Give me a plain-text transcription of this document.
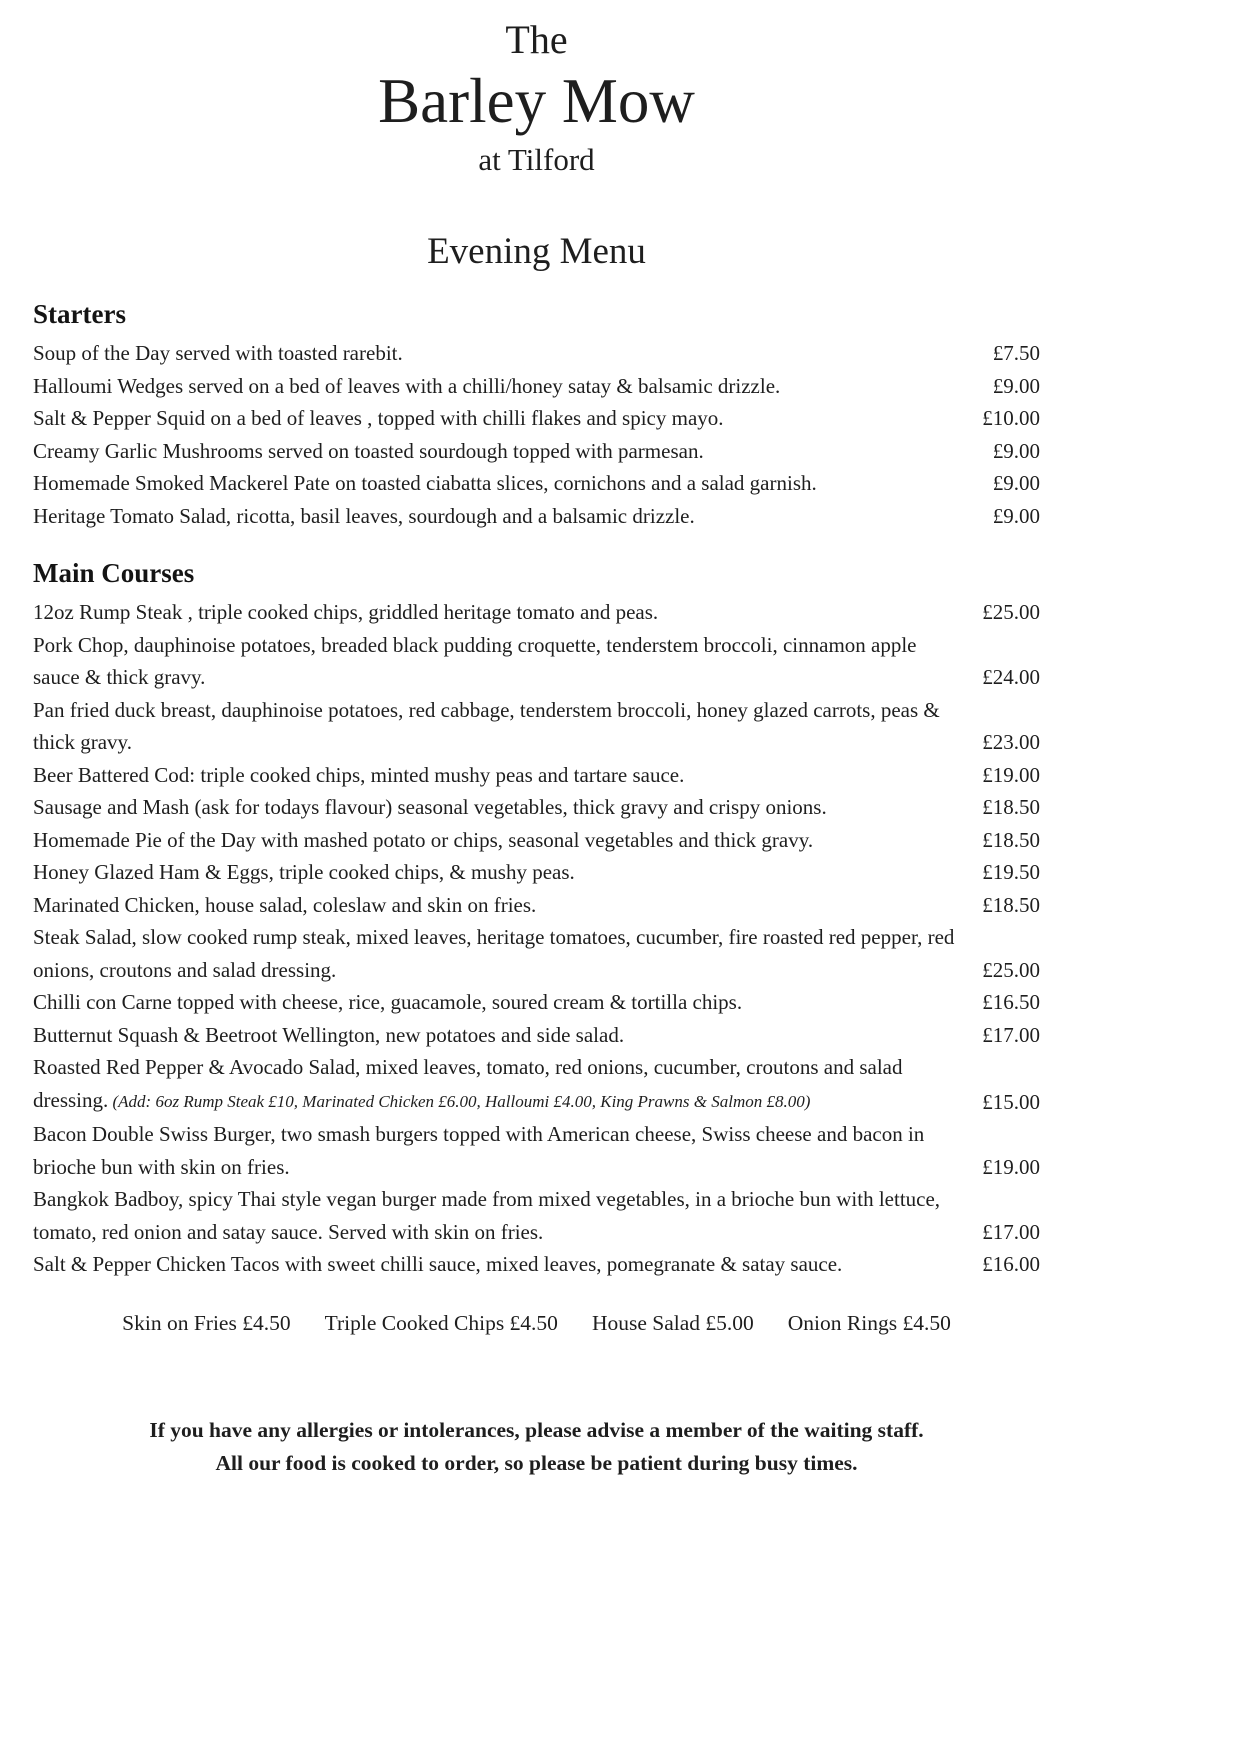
The
Barley Mow
at Tilford
Evening Menu
Starters
Soup of the Day served with toasted rarebit.	£7.50
Halloumi Wedges served on a bed of leaves with a chilli/honey satay & balsamic drizzle.	£9.00
Salt & Pepper Squid on a bed of leaves , topped with chilli flakes and spicy mayo.	£10.00
Creamy Garlic Mushrooms served on toasted sourdough topped with parmesan.	£9.00
Homemade Smoked Mackerel Pate on toasted ciabatta slices, cornichons and a salad garnish.	£9.00
Heritage Tomato Salad, ricotta, basil leaves, sourdough and a balsamic drizzle.	£9.00
Main Courses
12oz Rump Steak , triple cooked chips, griddled heritage tomato and peas.	£25.00
Pork Chop, dauphinoise potatoes, breaded black pudding croquette, tenderstem broccoli, cinnamon apple sauce & thick gravy.	£24.00
Pan fried duck breast, dauphinoise potatoes, red cabbage, tenderstem broccoli, honey glazed carrots, peas & thick gravy.	£23.00
Beer Battered Cod: triple cooked chips, minted mushy peas and tartare sauce.	£19.00
Sausage and Mash (ask for todays flavour) seasonal vegetables, thick gravy and crispy onions.	£18.50
Homemade Pie of the Day with mashed potato or chips, seasonal vegetables and thick gravy.	£18.50
Honey Glazed Ham & Eggs, triple cooked chips, & mushy peas.	£19.50
Marinated Chicken, house salad, coleslaw and skin on fries.	£18.50
Steak Salad, slow cooked rump steak, mixed leaves, heritage tomatoes, cucumber, fire roasted red pepper, red onions, croutons and salad dressing.	£25.00
Chilli con Carne topped with cheese, rice, guacamole, soured cream & tortilla chips.	£16.50
Butternut Squash & Beetroot Wellington, new potatoes and side salad.	£17.00
Roasted Red Pepper & Avocado Salad, mixed leaves, tomato, red onions, cucumber, croutons and salad dressing. (Add: 6oz Rump Steak £10, Marinated Chicken £6.00, Halloumi £4.00, King Prawns & Salmon £8.00)	£15.00
Bacon Double Swiss Burger, two smash burgers topped with American cheese, Swiss cheese and bacon in brioche bun with skin on fries.	£19.00
Bangkok Badboy, spicy Thai style vegan burger made from mixed vegetables, in a brioche bun with lettuce, tomato, red onion and satay sauce. Served with skin on fries.	£17.00
Salt & Pepper Chicken Tacos with sweet chilli sauce, mixed leaves, pomegranate & satay sauce.	£16.00
Skin on Fries £4.50 Triple Cooked Chips £4.50 House Salad £5.00 Onion Rings £4.50

If you have any allergies or intolerances, please advise a member of the waiting staff.

All our food is cooked to order, so please be patient during busy times.
